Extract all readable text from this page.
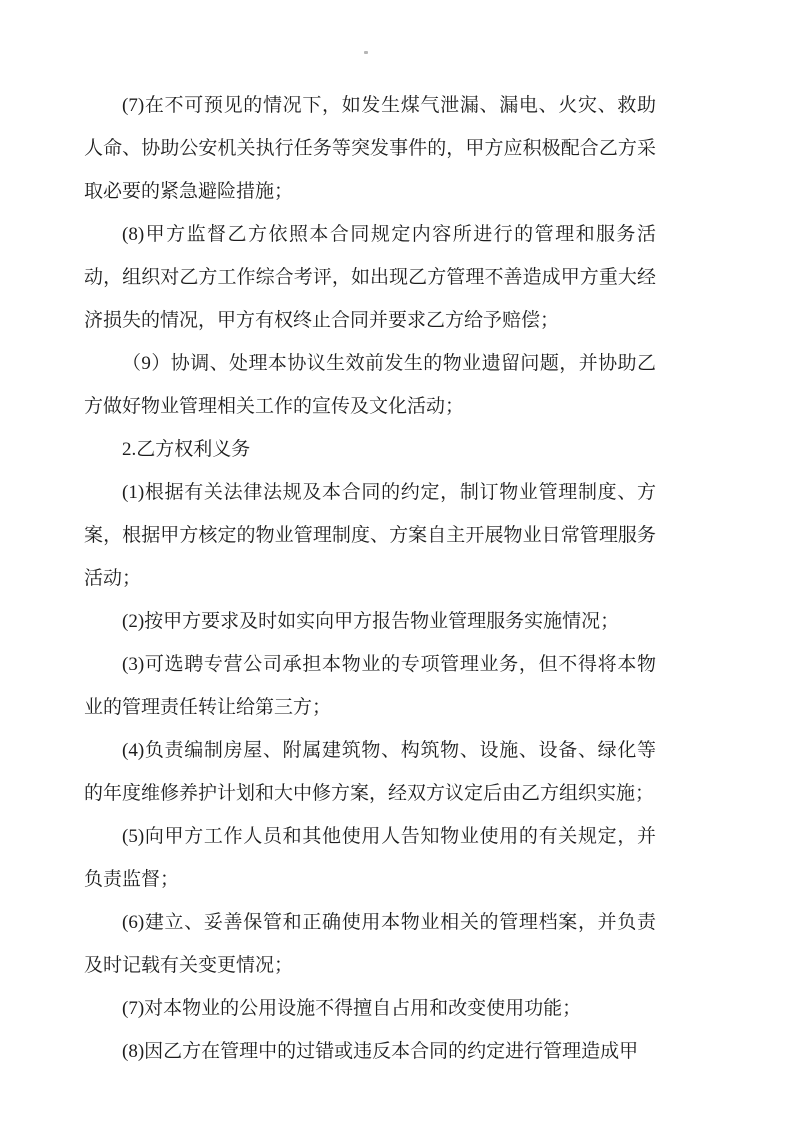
(7)在不可预见的情况下，如发生煤气泄漏、漏电、火灾、救助人命、协助公安机关执行任务等突发事件的，甲方应积极配合乙方采取必要的紧急避险措施；

(8)甲方监督乙方依照本合同规定内容所进行的管理和服务活动，组织对乙方工作综合考评，如出现乙方管理不善造成甲方重大经济损失的情况，甲方有权终止合同并要求乙方给予赔偿；

（9）协调、处理本协议生效前发生的物业遗留问题，并协助乙方做好物业管理相关工作的宣传及文化活动；

2.乙方权利义务

(1)根据有关法律法规及本合同的约定，制订物业管理制度、方案，根据甲方核定的物业管理制度、方案自主开展物业日常管理服务活动；

(2)按甲方要求及时如实向甲方报告物业管理服务实施情况；

(3)可选聘专营公司承担本物业的专项管理业务，但不得将本物业的管理责任转让给第三方；

(4)负责编制房屋、附属建筑物、构筑物、设施、设备、绿化等的年度维修养护计划和大中修方案，经双方议定后由乙方组织实施；

(5)向甲方工作人员和其他使用人告知物业使用的有关规定，并负责监督；

(6)建立、妥善保管和正确使用本物业相关的管理档案，并负责及时记载有关变更情况；

(7)对本物业的公用设施不得擅自占用和改变使用功能；

(8)因乙方在管理中的过错或违反本合同的约定进行管理造成甲
